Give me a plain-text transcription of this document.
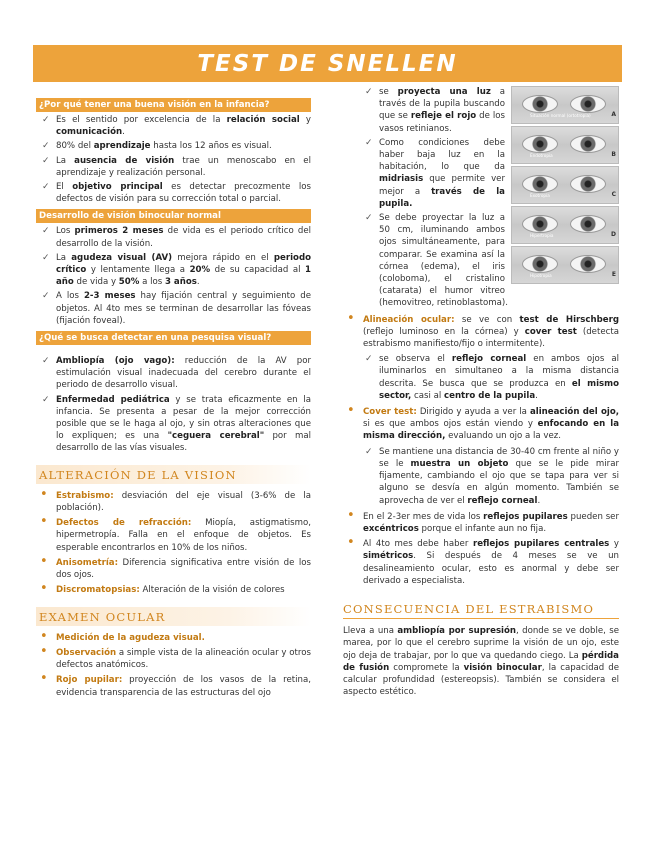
TEST DE SNELLEN
¿Por qué tener una buena visión en la infancia?
✓ Es el sentido por excelencia de la relación social y comunicación.
✓ 80% del aprendizaje hasta los 12 años es visual.
✓ La ausencia de visión trae un menoscabo en el aprendizaje y realización personal.
✓ El objetivo principal es detectar precozmente los defectos de visión para su corrección total o parcial.
Desarrollo de visión binocular normal
✓ Los primeros 2 meses de vida es el periodo crítico del desarrollo de la visión.
✓ La agudeza visual (AV) mejora rápido en el periodo crítico y lentamente llega a 20% de su capacidad al 1 año de vida y 50% a los 3 años.
✓ A los 2-3 meses hay fijación central y seguimiento de objetos. Al 4to mes se terminan de desarrollar las fóveas (fijación foveal).
¿Qué se busca detectar en una pesquisa visual?
✓ Ambliopía (ojo vago): reducción de la AV por estimulación visual inadecuada del cerebro durante el periodo de desarrollo visual.
✓ Enfermedad pediátrica y se trata eficazmente en la infancia. Se presenta a pesar de la mejor corrección posible que se le haga al ojo, y sin otras alteraciones que lo expliquen; es una "ceguera cerebral" por mal desarrollo de las vías visuales.
ALTERACIÓN DE LA VISION
• Estrabismo: desviación del eje visual (3-6% de la población).
• Defectos de refracción: Miopía, astigmatismo, hipermetropía. Falla en el enfoque de objetos. Es esperable encontrarlos en 10% de los niños.
• Anisometría: Diferencia significativa entre visión de los dos ojos.
• Discromatopsias: Alteración de la visión de colores
EXAMEN OCULAR
• Medición de la agudeza visual.
• Observación a simple vista de la alineación ocular y otros defectos anatómicos.
• Rojo pupilar: proyección de los vasos de la retina, evidencia transparencia de las estructuras del ojo
Situación normal (ortotropia)	A
Endotropia	B
Exotropia	C
Hipertropia	D
Hipotropia	E
✓ se proyecta una luz a través de la pupila buscando que se refleje el rojo de los vasos retinianos.
✓ Como condiciones debe haber baja luz en la habitación, lo que da midriasis que permite ver mejor a través de la pupila.
✓ Se debe proyectar la luz a 50 cm, iluminando ambos ojos simultáneamente, para comparar. Se examina así la córnea (edema), el iris (coloboma), el cristalino (catarata) el humor vitreo (hemovitreo, retinoblastoma).
• Alineación ocular: se ve con test de Hirschberg (reflejo luminoso en la córnea) y cover test (detecta estrabismo manifiesto/fijo o intermitente).
✓ se observa el reflejo corneal en ambos ojos al iluminarlos en simultaneo a la misma distancia descrita. Se busca que se produzca en el mismo sector, casi al centro de la pupila.
• Cover test: Dirigido y ayuda a ver la alineación del ojo, si es que ambos ojos están viendo y enfocando en la misma dirección, evaluando un ojo a la vez.
✓ Se mantiene una distancia de 30-40 cm frente al niño y se le muestra un objeto que se le pide mirar fijamente, cambiando el ojo que se tapa para ver si alguno se desvía en algún momento. También se aprovecha de ver el reflejo corneal.
• En el 2-3er mes de vida los reflejos pupilares pueden ser excéntricos porque el infante aun no fija.
• Al 4to mes debe haber reflejos pupilares centrales y simétricos. Si después de 4 meses se ve un desalineamiento ocular, esto es anormal y debe ser derivado a especialista.
CONSECUENCIA DEL ESTRABISMO

Lleva a una ambliopía por supresión, donde se ve doble, se marea, por lo que el cerebro suprime la visión de un ojo, este ojo deja de trabajar, por lo que va quedando ciego. La pérdida de fusión compromete la visión binocular, la capacidad de calcular profundidad (estereopsis). También se considera el aspecto estético.
